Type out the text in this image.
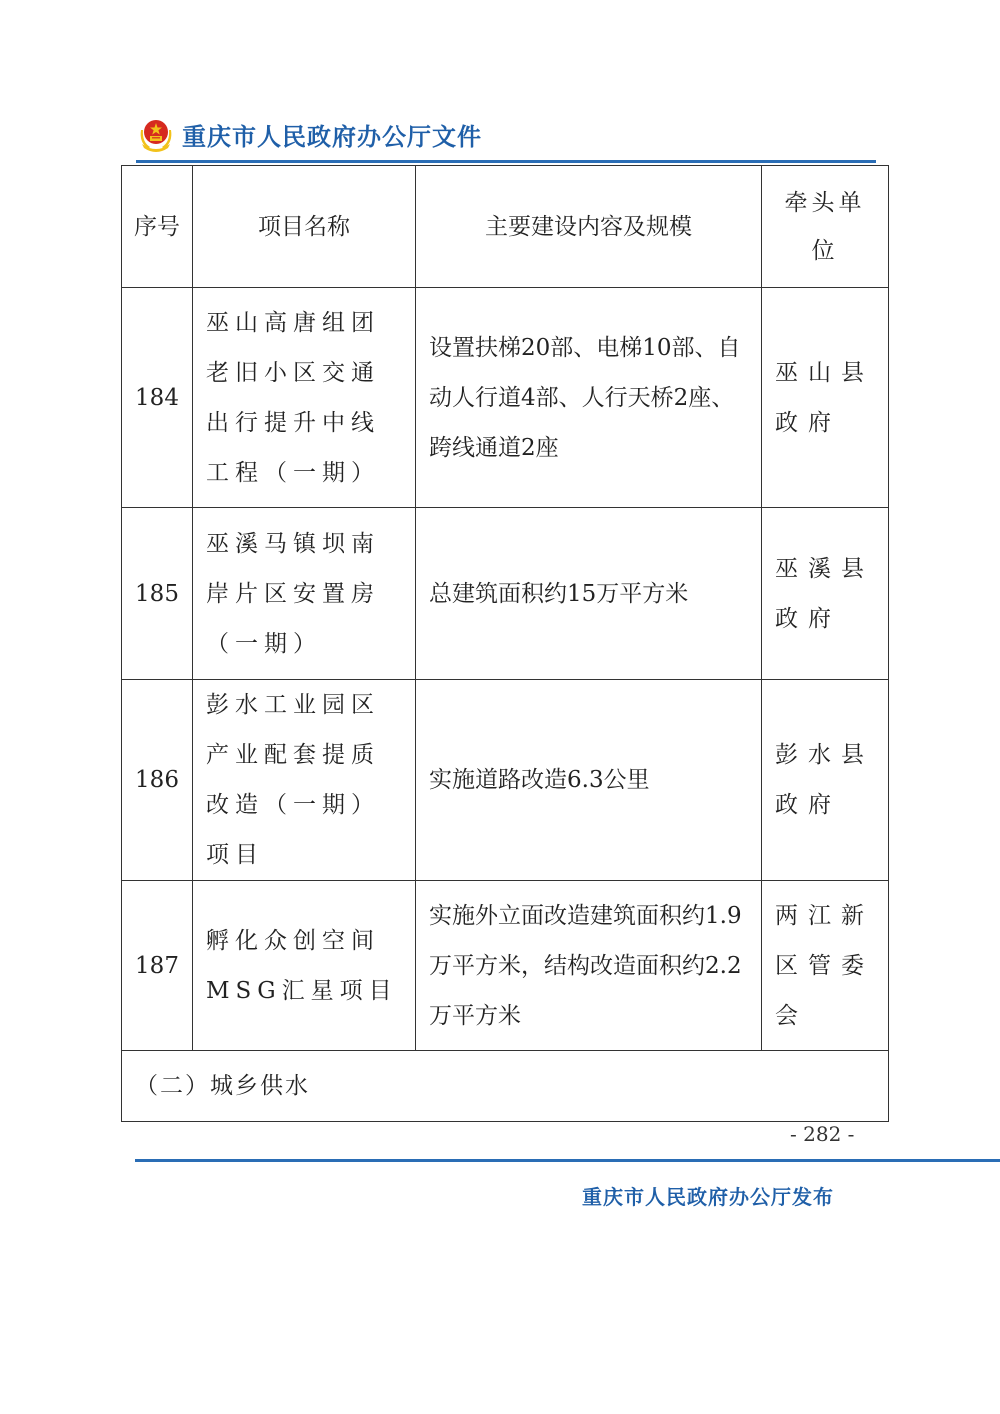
重庆市人民政府办公厅文件
序号	项目名称	主要建设内容及规模	牵头单位
184	巫山高唐组团老旧小区交通出行提升中线工程（一期）	设置扶梯20部、电梯10部、自动人行道4部、人行天桥2座、跨线通道2座	巫山县政府
185	巫溪马镇坝南岸片区安置房（一期）	总建筑面积约15万平方米	巫溪县政府
186	彭水工业园区产业配套提质改造（一期）项目	实施道路改造6.3公里	彭水县政府
187	孵化众创空间MSG汇星项目	实施外立面改造建筑面积约1.9万平方米，结构改造面积约2.2万平方米	两江新区管委会
（二）城乡供水			
- 282 -
重庆市人民政府办公厅发布
